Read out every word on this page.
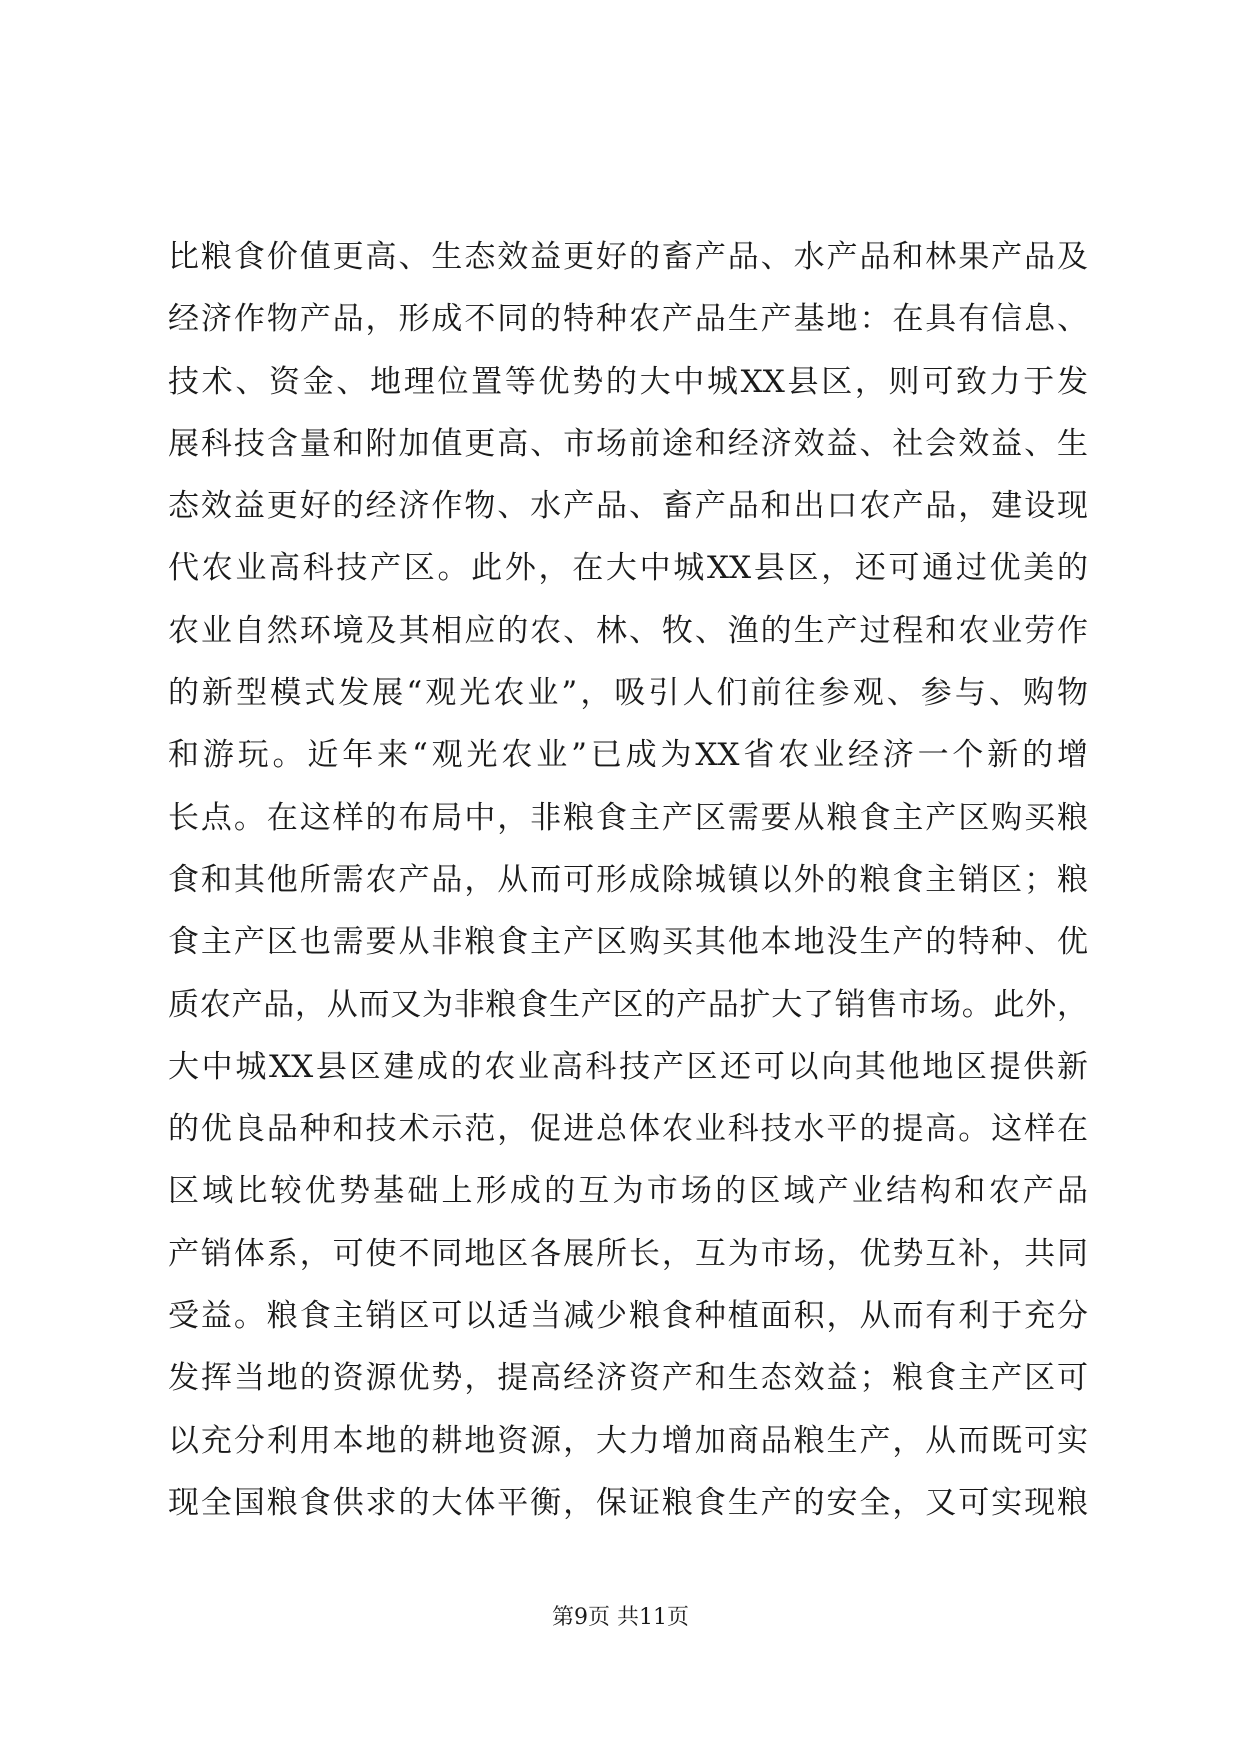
比粮食价值更高、生态效益更好的畜产品、水产品和林果产品及
经济作物产品，形成不同的特种农产品生产基地：在具有信息、
技术、资金、地理位置等优势的大中城XX县区，则可致力于发
展科技含量和附加值更高、市场前途和经济效益、社会效益、生
态效益更好的经济作物、水产品、畜产品和出口农产品，建设现
代农业高科技产区。此外，在大中城XX县区，还可通过优美的
农业自然环境及其相应的农、林、牧、渔的生产过程和农业劳作
的新型模式发展“观光农业”，吸引人们前往参观、参与、购物
和游玩。近年来“观光农业”已成为XX省农业经济一个新的增
长点。在这样的布局中，非粮食主产区需要从粮食主产区购买粮
食和其他所需农产品，从而可形成除城镇以外的粮食主销区；粮
食主产区也需要从非粮食主产区购买其他本地没生产的特种、优
质农产品，从而又为非粮食生产区的产品扩大了销售市场。此外，
大中城XX县区建成的农业高科技产区还可以向其他地区提供新
的优良品种和技术示范，促进总体农业科技水平的提高。这样在
区域比较优势基础上形成的互为市场的区域产业结构和农产品
产销体系，可使不同地区各展所长，互为市场，优势互补，共同
受益。粮食主销区可以适当减少粮食种植面积，从而有利于充分
发挥当地的资源优势，提高经济资产和生态效益；粮食主产区可
以充分利用本地的耕地资源，大力增加商品粮生产，从而既可实
现全国粮食供求的大体平衡，保证粮食生产的安全，又可实现粮
第9页 共11页
